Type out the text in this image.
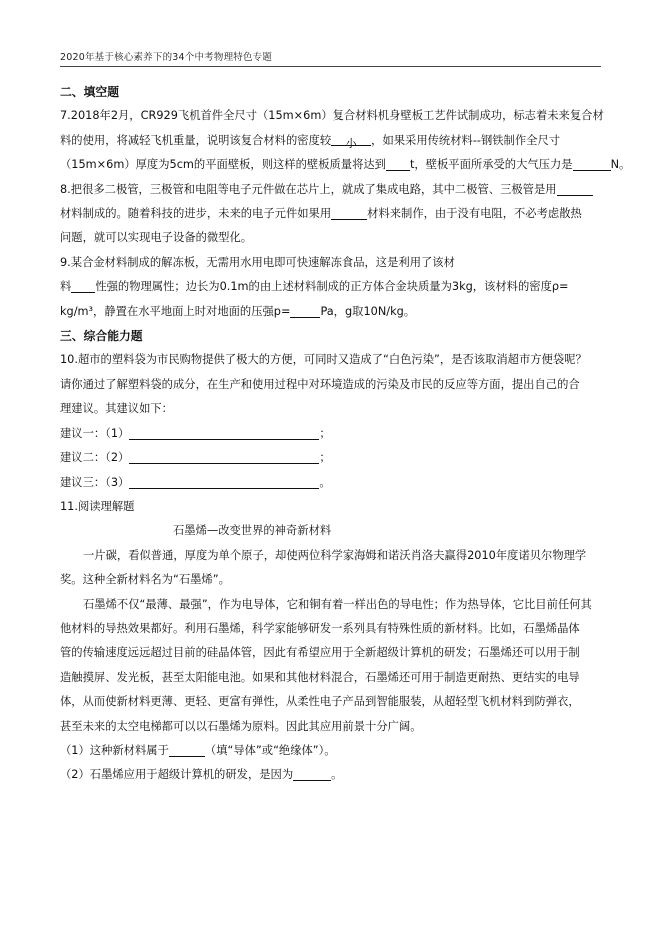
2020年基于核心素养下的34个中考物理特色专题

二、填空题

7.2018年2月，CR929飞机首件全尺寸（15m×6m）复合材料机身壁板工艺件试制成功，标志着未来复合材
料的使用，将减轻飞机重量，说明该复合材料的密度较 小 ，如果采用传统材料--钢铁制作全尺寸
（15m×6m）厚度为5cm的平面壁板，则这样的壁板质量将达到 t，壁板平面所承受的大气压力是	N。
8.把很多二极管，三极管和电阻等电子元件做在芯片上，就成了集成电路，其中二极管、三极管是用
材料制成的。随着科技的进步，未来的电子元件如果用	材料来制作，由于没有电阻，不必考虑散热
问题，就可以实现电子设备的微型化。
9.某合金材料制成的解冻板，无需用水用电即可快速解冻食品，这是利用了该材
料 性强的物理属性；边长为0.1m的由上述材料制成的正方体合金块质量为3kg，该材料的密度ρ=
kg/m³，静置在水平地面上时对地面的压强p=	Pa，g取10N/kg。

三、综合能力题

10.超市的塑料袋为市民购物提供了极大的方便，可同时又造成了“白色污染”，是否该取消超市方便袋呢？
请你通过了解塑料袋的成分，在生产和使用过程中对环境造成的污染及市民的反应等方面，提出自己的合
理建议。其建议如下：
建议一：（1）	；
建议二：（2）	；
建议三：（3）	。
11.阅读理解题
石墨烯—改变世界的神奇新材料
一片碳，看似普通，厚度为单个原子，却使两位科学家海姆和诺沃肖洛夫赢得2010年度诺贝尔物理学
奖。这种全新材料名为“石墨烯”。
石墨烯不仅“最薄、最强”，作为电导体，它和铜有着一样出色的导电性；作为热导体，它比目前任何其
他材料的导热效果都好。利用石墨烯，科学家能够研发一系列具有特殊性质的新材料。比如，石墨烯晶体
管的传输速度远远超过目前的硅晶体管，因此有希望应用于全新超级计算机的研发；石墨烯还可以用于制
造触摸屏、发光板，甚至太阳能电池。如果和其他材料混合，石墨烯还可用于制造更耐热、更结实的电导
体，从而使新材料更薄、更轻、更富有弹性，从柔性电子产品到智能服装，从超轻型飞机材料到防弹衣，
甚至未来的太空电梯都可以以石墨烯为原料。因此其应用前景十分广阔。
（1）这种新材料属于	（填“导体”或“绝缘体”）。
（2）石墨烯应用于超级计算机的研发，是因为	。
